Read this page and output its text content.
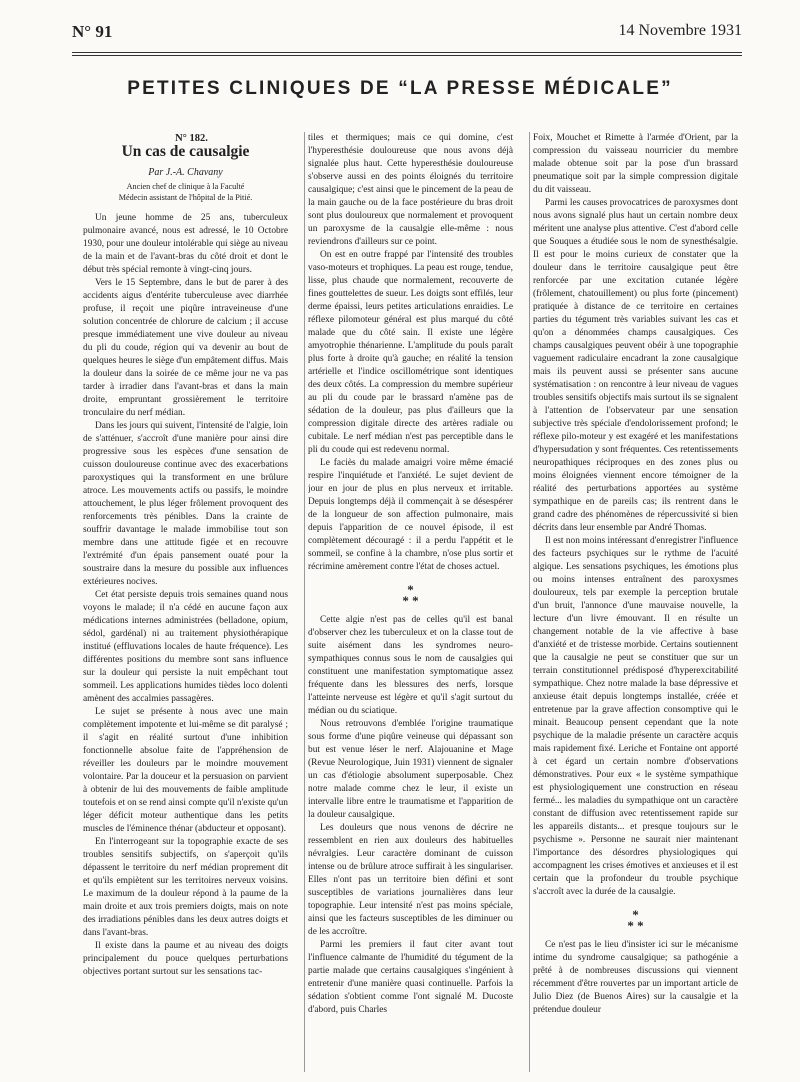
N° 91	14 Novembre 1931
PETITES CLINIQUES DE “LA PRESSE MÉDICALE”

N° 182.

Un cas de causalgie
Par J.-A. Chavany
Ancien chef de clinique à la Faculté
Médecin assistant de l'hôpital de la Pitié.

Un jeune homme de 25 ans, tuberculeux pulmonaire avancé, nous est adressé, le 10 Octobre 1930, pour une douleur intolérable qui siège au niveau de la main et de l'avant-bras du côté droit et dont le début très spécial remonte à vingt-cinq jours.

Vers le 15 Septembre, dans le but de parer à des accidents aigus d'entérite tuberculeuse avec diarrhée profuse, il reçoit une piqûre intraveineuse d'une solution concentrée de chlorure de calcium ; il accuse presque immédiatement une vive douleur au niveau du pli du coude, région qui va devenir au bout de quelques heures le siège d'un empâtement diffus. Mais la douleur dans la soirée de ce même jour ne va pas tarder à irradier dans l'avant-bras et dans la main droite, empruntant grossièrement le territoire tronculaire du nerf médian.

Dans les jours qui suivent, l'intensité de l'algie, loin de s'atténuer, s'accroît d'une manière pour ainsi dire progressive sous les espèces d'une sensation de cuisson douloureuse continue avec des exacerbations paroxystiques qui la transforment en une brûlure atroce. Les mouvements actifs ou passifs, le moindre attouchement, le plus léger frôlement provoquent des renforcements très pénibles. Dans la crainte de souffrir davantage le malade immobilise tout son membre dans une attitude figée et en recouvre l'extrémité d'un épais pansement ouaté pour la soustraire dans la mesure du possible aux influences extérieures nocives.

Cet état persiste depuis trois semaines quand nous voyons le malade; il n'a cédé en aucune façon aux médications internes administrées (belladone, opium, sédol, gardénal) ni au traitement physiothérapique institué (effluvations locales de haute fréquence). Les différentes positions du membre sont sans influence sur la douleur qui persiste la nuit empêchant tout sommeil. Les applications humides tièdes loco dolenti amènent des accalmies passagères.

Le sujet se présente à nous avec une main complètement impotente et lui-même se dit paralysé ; il s'agit en réalité surtout d'une inhibition fonctionnelle absolue faite de l'appréhension de réveiller les douleurs par le moindre mouvement volontaire. Par la douceur et la persuasion on parvient à obtenir de lui des mouvements de faible amplitude toutefois et on se rend ainsi compte qu'il n'existe qu'un léger déficit moteur authentique dans les petits muscles de l'éminence thénar (abducteur et opposant).

En l'interrogeant sur la topographie exacte de ses troubles sensitifs subjectifs, on s'aperçoit qu'ils dépassent le territoire du nerf médian proprement dit et qu'ils empiètent sur les territoires nerveux voisins. Le maximum de la douleur répond à la paume de la main droite et aux trois premiers doigts, mais on note des irradiations pénibles dans les deux autres doigts et dans l'avant-bras.

Il existe dans la paume et au niveau des doigts principalement du pouce quelques perturbations objectives portant surtout sur les sensations tac-

tiles et thermiques; mais ce qui domine, c'est l'hyperesthésie douloureuse que nous avons déjà signalée plus haut. Cette hyperesthésie douloureuse s'observe aussi en des points éloignés du territoire causalgique; c'est ainsi que le pincement de la peau de la main gauche ou de la face postérieure du bras droit sont plus douloureux que normalement et provoquent un paroxysme de la causalgie elle-même : nous reviendrons d'ailleurs sur ce point.

On est en outre frappé par l'intensité des troubles vaso-moteurs et trophiques. La peau est rouge, tendue, lisse, plus chaude que normalement, recouverte de fines gouttelettes de sueur. Les doigts sont effilés, leur derme épaissi, leurs petites articulations enraidies. Le réflexe pilomoteur général est plus marqué du côté malade que du côté sain. Il existe une légère amyotrophie thénarienne. L'amplitude du pouls paraît plus forte à droite qu'à gauche; en réalité la tension artérielle et l'indice oscillométrique sont identiques des deux côtés. La compression du membre supérieur au pli du coude par le brassard n'amène pas de sédation de la douleur, pas plus d'ailleurs que la compression digitale directe des artères radiale ou cubitale. Le nerf médian n'est pas perceptible dans le pli du coude qui est redevenu normal.

Le faciès du malade amaigri voire même émacié respire l'inquiétude et l'anxiété. Le sujet devient de jour en jour de plus en plus nerveux et irritable. Depuis longtemps déjà il commençait à se désespérer de la longueur de son affection pulmonaire, mais depuis l'apparition de ce nouvel épisode, il est complètement découragé : il a perdu l'appétit et le sommeil, se confine à la chambre, n'ose plus sortir et récrimine amèrement contre l'état de choses actuel.

*
* *

Cette algie n'est pas de celles qu'il est banal d'observer chez les tuberculeux et on la classe tout de suite aisément dans les syndromes neuro-sympathiques connus sous le nom de causalgies qui constituent une manifestation symptomatique assez fréquente dans les blessures des nerfs, lorsque l'atteinte nerveuse est légère et qu'il s'agit surtout du médian ou du sciatique.

Nous retrouvons d'emblée l'origine traumatique sous forme d'une piqûre veineuse qui dépassant son but est venue léser le nerf. Alajouanine et Mage (Revue Neurologique, Juin 1931) viennent de signaler un cas d'étiologie absolument superposable. Chez notre malade comme chez le leur, il existe un intervalle libre entre le traumatisme et l'apparition de la douleur causalgique.

Les douleurs que nous venons de décrire ne ressemblent en rien aux douleurs des habituelles névralgies. Leur caractère dominant de cuisson intense ou de brûlure atroce suffirait à les singulariser. Elles n'ont pas un territoire bien défini et sont susceptibles de variations journalières dans leur topographie. Leur intensité n'est pas moins spéciale, ainsi que les facteurs susceptibles de les diminuer ou de les accroître.

Parmi les premiers il faut citer avant tout l'influence calmante de l'humidité du tégument de la partie malade que certains causalgiques s'ingénient à entretenir d'une manière quasi continuelle. Parfois la sédation s'obtient comme l'ont signalé M. Ducoste d'abord, puis Charles

Foix, Mouchet et Rimette à l'armée d'Orient, par la compression du vaisseau nourricier du membre malade obtenue soit par la pose d'un brassard pneumatique soit par la simple compression digitale du dit vaisseau.

Parmi les causes provocatrices de paroxysmes dont nous avons signalé plus haut un certain nombre deux méritent une analyse plus attentive. C'est d'abord celle que Souques a étudiée sous le nom de synesthésalgie. Il est pour le moins curieux de constater que la douleur dans le territoire causalgique peut être renforcée par une excitation cutanée légère (frôlement, chatouillement) ou plus forte (pincement) pratiquée à distance de ce territoire en certaines parties du tégument très variables suivant les cas et qu'on a dénommées champs causalgiques. Ces champs causalgiques peuvent obéir à une topographie vaguement radiculaire encadrant la zone causalgique mais ils peuvent aussi se présenter sans aucune systématisation : on rencontre à leur niveau de vagues troubles sensitifs objectifs mais surtout ils se signalent à l'attention de l'observateur par une sensation subjective très spéciale d'endolorissement profond; le réflexe pilo-moteur y est exagéré et les manifestations d'hypersudation y sont fréquentes. Ces retentissements neuropathiques réciproques en des zones plus ou moins éloignées viennent encore témoigner de la réalité des perturbations apportées au système sympathique en de pareils cas; ils rentrent dans le grand cadre des phénomènes de répercussivité si bien décrits dans leur ensemble par André Thomas.

Il est non moins intéressant d'enregistrer l'influence des facteurs psychiques sur le rythme de l'acuité algique. Les sensations psychiques, les émotions plus ou moins intenses entraînent des paroxysmes douloureux, tels par exemple la perception brutale d'un bruit, l'annonce d'une mauvaise nouvelle, la lecture d'un livre émouvant. Il en résulte un changement notable de la vie affective à base d'anxiété et de tristesse morbide. Certains soutiennent que la causalgie ne peut se constituer que sur un terrain constitutionnel prédisposé d'hyperexcitabilité sympathique. Chez notre malade la base dépressive et anxieuse était depuis longtemps installée, créée et entretenue par la grave affection consomptive qui le minait. Beaucoup pensent cependant que la note psychique de la maladie présente un caractère acquis mais rapidement fixé. Leriche et Fontaine ont apporté à cet égard un certain nombre d'observations démonstratives. Pour eux « le système sympathique est physiologiquement une construction en réseau fermé... les maladies du sympathique ont un caractère constant de diffusion avec retentissement rapide sur les appareils distants... et presque toujours sur le psychisme ». Personne ne saurait nier maintenant l'importance des désordres physiologiques qui accompagnent les crises émotives et anxieuses et il est certain que la profondeur du trouble psychique s'accroît avec la durée de la causalgie.

*
* *

Ce n'est pas le lieu d'insister ici sur le mécanisme intime du syndrome causalgique; sa pathogénie a prêté à de nombreuses discussions qui viennent récemment d'être rouvertes par un important article de Julio Diez (de Buenos Aires) sur la causalgie et la prétendue douleur
